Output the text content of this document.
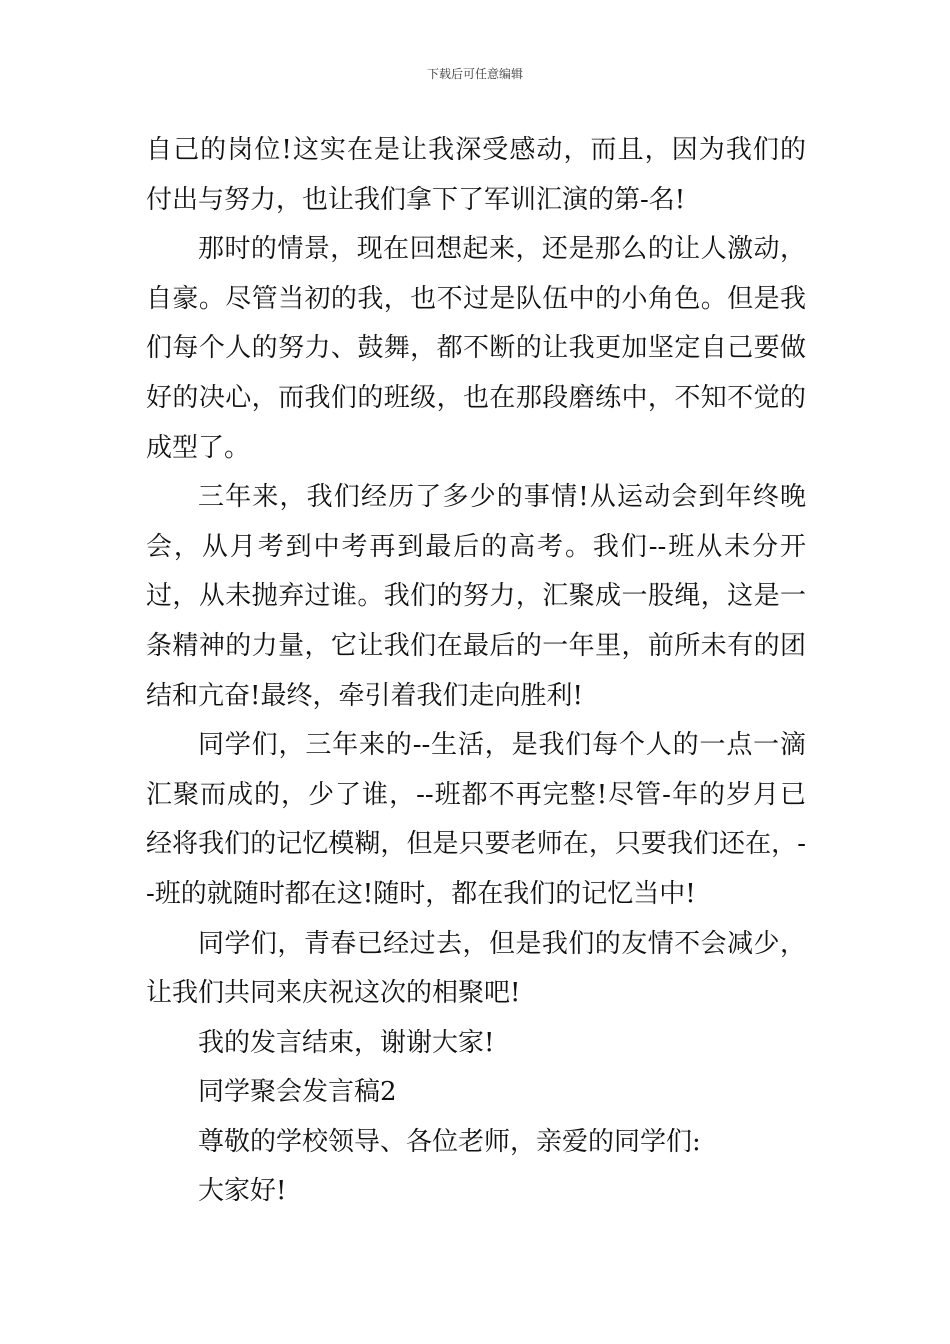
下载后可任意编辑

自己的岗位!这实在是让我深受感动，而且，因为我们的付出与努力，也让我们拿下了军训汇演的第-名!

那时的情景，现在回想起来，还是那么的让人激动，自豪。尽管当初的我，也不过是队伍中的小角色。但是我们每个人的努力、鼓舞，都不断的让我更加坚定自己要做好的决心，而我们的班级，也在那段磨练中，不知不觉的成型了。

三年来，我们经历了多少的事情!从运动会到年终晚会，从月考到中考再到最后的高考。我们--班从未分开过，从未抛弃过谁。我们的努力，汇聚成一股绳，这是一条精神的力量，它让我们在最后的一年里，前所未有的团结和亢奋!最终，牵引着我们走向胜利!

同学们，三年来的--生活，是我们每个人的一点一滴汇聚而成的，少了谁，--班都不再完整!尽管-年的岁月已经将我们的记忆模糊，但是只要老师在，只要我们还在，--班的就随时都在这!随时，都在我们的记忆当中!

同学们，青春已经过去，但是我们的友情不会减少，让我们共同来庆祝这次的相聚吧!

我的发言结束，谢谢大家!

同学聚会发言稿2

尊敬的学校领导、各位老师，亲爱的同学们:

大家好!
